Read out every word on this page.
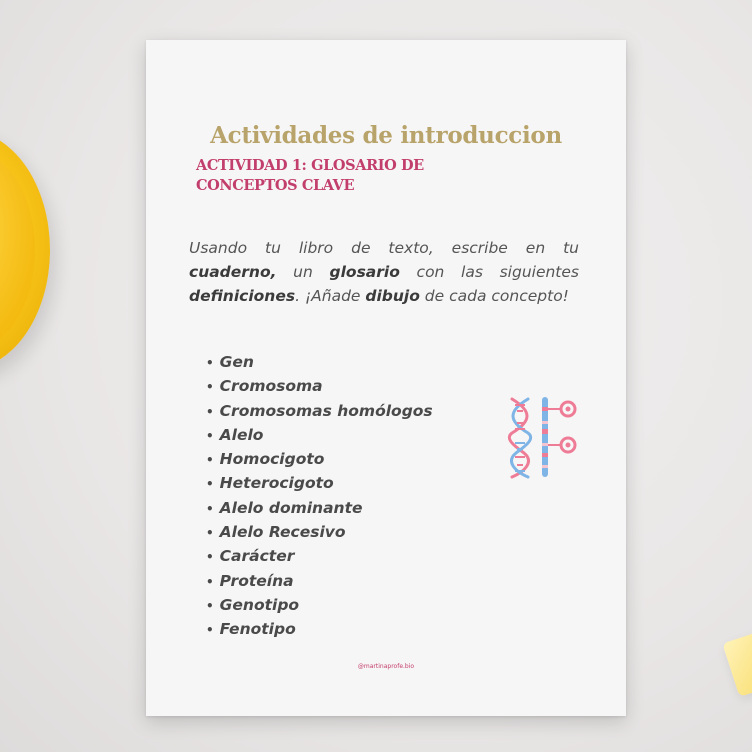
Actividades de introduccion
ACTIVIDAD 1: GLOSARIO DE CONCEPTOS CLAVE
Usando tu libro de texto, escribe en tu cuaderno, un glosario con las siguientes definiciones. ¡Añade dibujo de cada concepto!
• Gen
• Cromosoma
• Cromosomas homólogos
• Alelo
• Homocigoto
• Heterocigoto
• Alelo dominante
• Alelo Recesivo
• Carácter
• Proteína
• Genotipo
• Fenotipo
@martinaprofe.bio
